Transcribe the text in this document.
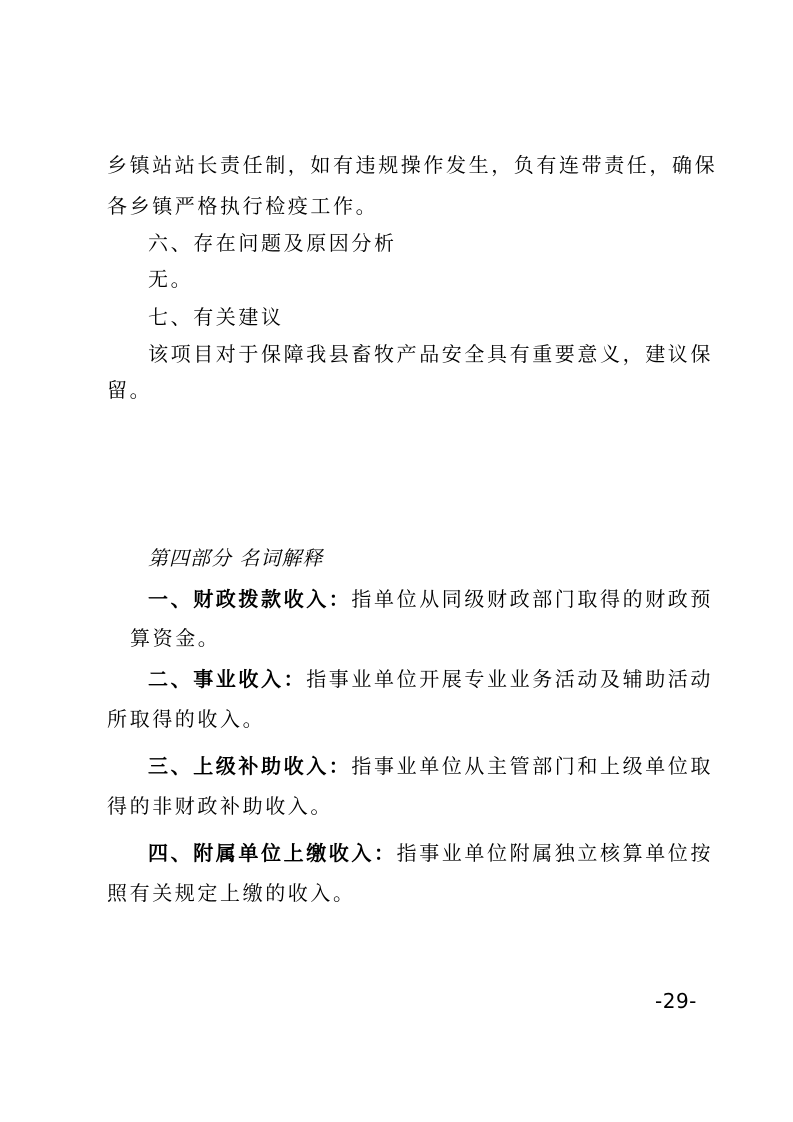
乡镇站站长责任制，如有违规操作发生，负有连带责任，确保
各乡镇严格执行检疫工作。
六、存在问题及原因分析
无。
七、有关建议
该项目对于保障我县畜牧产品安全具有重要意义，建议保
留。
第四部分 名词解释
一、财政拨款收入：指单位从同级财政部门取得的财政预
算资金。
二、事业收入：指事业单位开展专业业务活动及辅助活动
所取得的收入。
三、上级补助收入：指事业单位从主管部门和上级单位取
得的非财政补助收入。
四、附属单位上缴收入：指事业单位附属独立核算单位按
照有关规定上缴的收入。
-29-
